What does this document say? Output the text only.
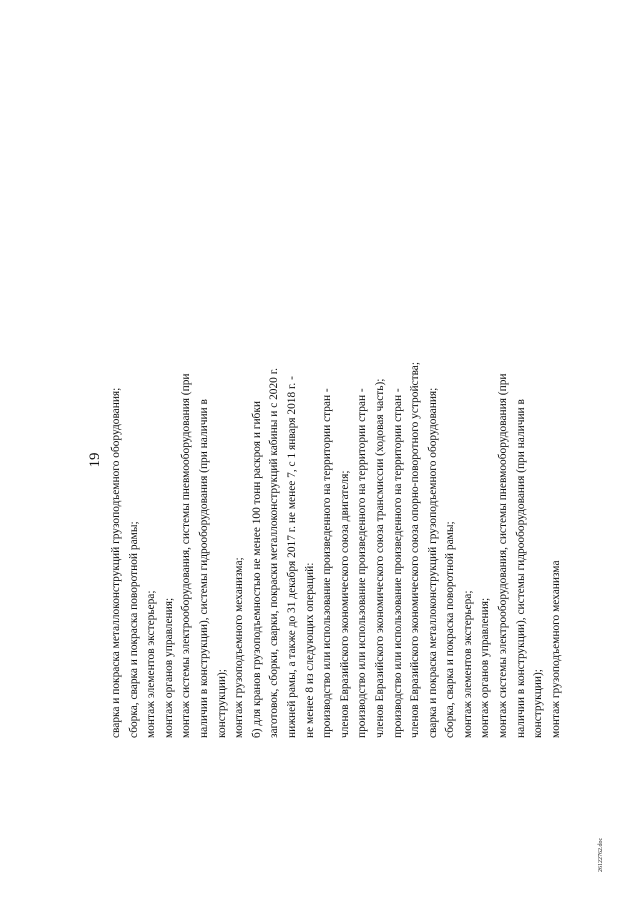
19 сварка и покраска металлоконструкций грузоподъемного оборудования; сборка, сварка и покраска поворотной рамы; монтаж элементов экстерьера; монтаж органов управления; монтаж системы электрооборудования, системы пневмооборудования (при наличии в конструкции), системы гидрооборудования (при наличии в конструкции); монтаж грузоподъемного механизма; б) для кранов грузоподъемностью не менее 100 тонн раскроя и гибки заготовок, сборки, сварки, покраски металлоконструкций кабины и с 2020 г. нижней рамы, а также до 31 декабря 2017 г. не менее 7, с 1 января 2018 г. - не менее 8 из следующих операций: производство или использование произведенного на территории стран - членов Евразийского экономического союза двигателя; производство или использование произведенного на территории стран - членов Евразийского экономического союза трансмиссии (ходовая часть); производство или использование произведенного на территории стран - членов Евразийского экономического союза опорно-поворотного устройства; сварка и покраска металлоконструкций грузоподъемного оборудования; сборка, сварка и покраска поворотной рамы; монтаж элементов экстерьера; монтаж органов управления; монтаж системы электрооборудования, системы пневмооборудования (при наличии в конструкции), системы гидрооборудования (при наличии в конструкции); монтаж грузоподъемного механизма
26122762.doc
